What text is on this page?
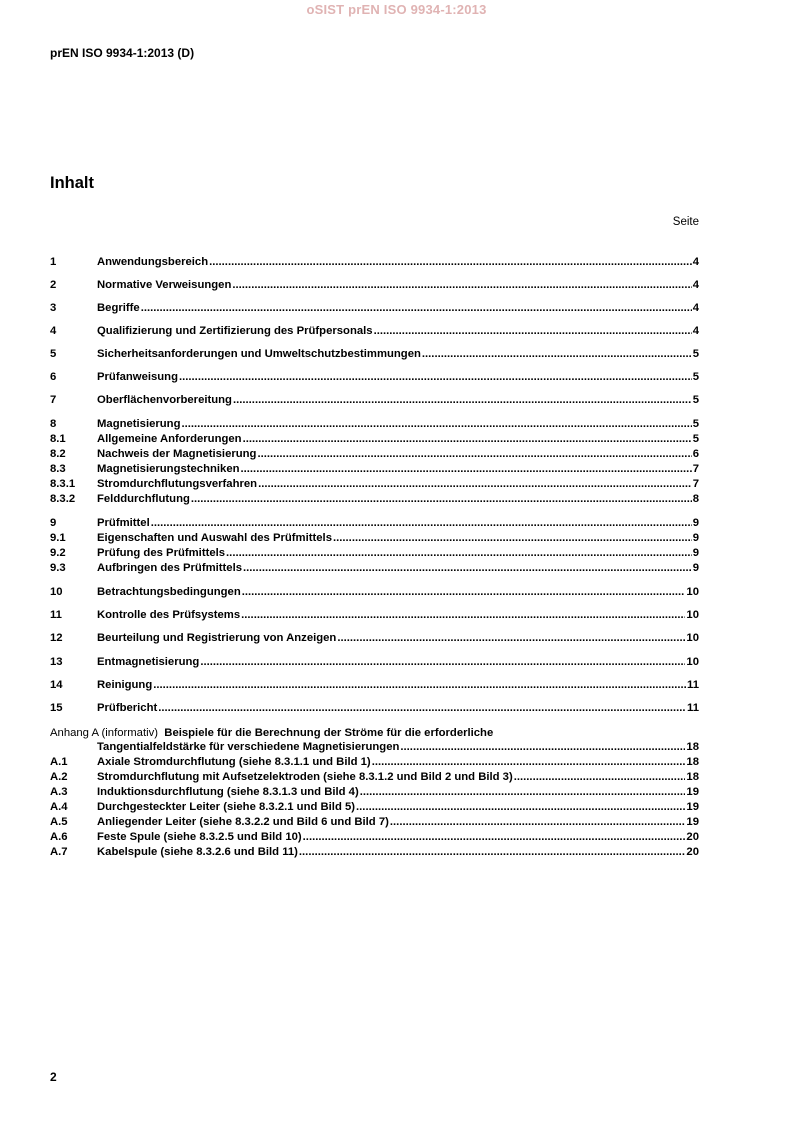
oSIST prEN ISO 9934-1:2013
prEN ISO 9934-1:2013 (D)
Inhalt
Seite
1	Anwendungsbereich .....	4
2	Normative Verweisungen .....	4
3	Begriffe .....	4
4	Qualifizierung und Zertifizierung des Prüfpersonals .....	4
5	Sicherheitsanforderungen und Umweltschutzbestimmungen .....	5
6	Prüfanweisung .....	5
7	Oberflächenvorbereitung .....	5
8	Magnetisierung .....	5
8.1	Allgemeine Anforderungen .....	5
8.2	Nachweis der Magnetisierung .....	6
8.3	Magnetisierungstechniken .....	7
8.3.1	Stromdurchflutungsverfahren .....	7
8.3.2	Felddurchflutung .....	8
9	Prüfmittel .....	9
9.1	Eigenschaften und Auswahl des Prüfmittels .....	9
9.2	Prüfung des Prüfmittels .....	9
9.3	Aufbringen des Prüfmittels .....	9
10	Betrachtungsbedingungen .....	10
11	Kontrolle des Prüfsystems .....	10
12	Beurteilung und Registrierung von Anzeigen .....	10
13	Entmagnetisierung .....	10
14	Reinigung .....	11
15	Prüfbericht .....	11
Anhang A (informativ) Beispiele für die Berechnung der Ströme für die erforderliche
Tangentialfeldstärke für verschiedene Magnetisierungen .....	18
A.1	Axiale Stromdurchflutung (siehe 8.3.1.1 und Bild 1) .....	18
A.2	Stromdurchflutung mit Aufsetzelektroden (siehe 8.3.1.2 und Bild 2 und Bild 3) .....	18
A.3	Induktionsdurchflutung (siehe 8.3.1.3 und Bild 4) .....	19
A.4	Durchgesteckter Leiter (siehe 8.3.2.1 und Bild 5) .....	19
A.5	Anliegender Leiter (siehe 8.3.2.2 und Bild 6 und Bild 7) .....	19
A.6	Feste Spule (siehe 8.3.2.5 und Bild 10) .....	20
A.7	Kabelspule (siehe 8.3.2.6 und Bild 11) .....	20
2
